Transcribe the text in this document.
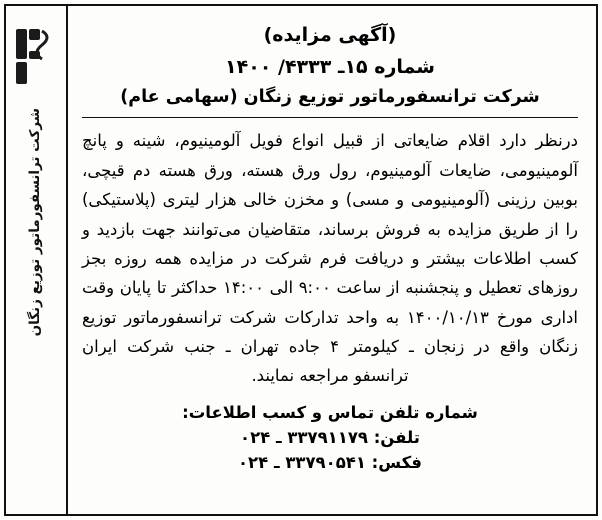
شرکت ترانسفورماتور توزیع زنگان
(آگهی مزایده)
شماره ۱۵ـ ۴۳۳۳/ ۱۴۰۰
شرکت ترانسفورماتور توزیع زنگان (سهامی عام)

درنظر دارد اقلام ضایعاتی از قبیل انواع فویل آلومینیوم، شینه و پانچ آلومینیومی، ضایعات آلومینیوم، رول ورق هسته، ورق هسته دم قیچی، بوبین رزینی (آلومینیومی و مسی) و مخزن خالی هزار لیتری (پلاستیکی) را از طریق مزایده به فروش برساند، متقاضیان می‌توانند جهت بازدید و کسب اطلاعات بیشتر و دریافت فرم شرکت در مزایده همه روزه بجز روزهای تعطیل و پنجشنبه از ساعت ۹:۰۰ الی ۱۴:۰۰ حداکثر تا پایان وقت اداری مورخ ۱۴۰۰/۱۰/۱۳ به واحد تدارکات شرکت ترانسفورماتور توزیع زنگان واقع در زنجان ـ کیلومتر ۴ جاده تهران ـ جنب شرکت ایران ترانسفو مراجعه نمایند.

شماره تلفن تماس و کسب اطلاعات:
تلفن: ۳۳۷۹۱۱۷۹ ـ ۰۲۴
فکس: ۳۳۷۹۰۵۴۱ ـ ۰۲۴
